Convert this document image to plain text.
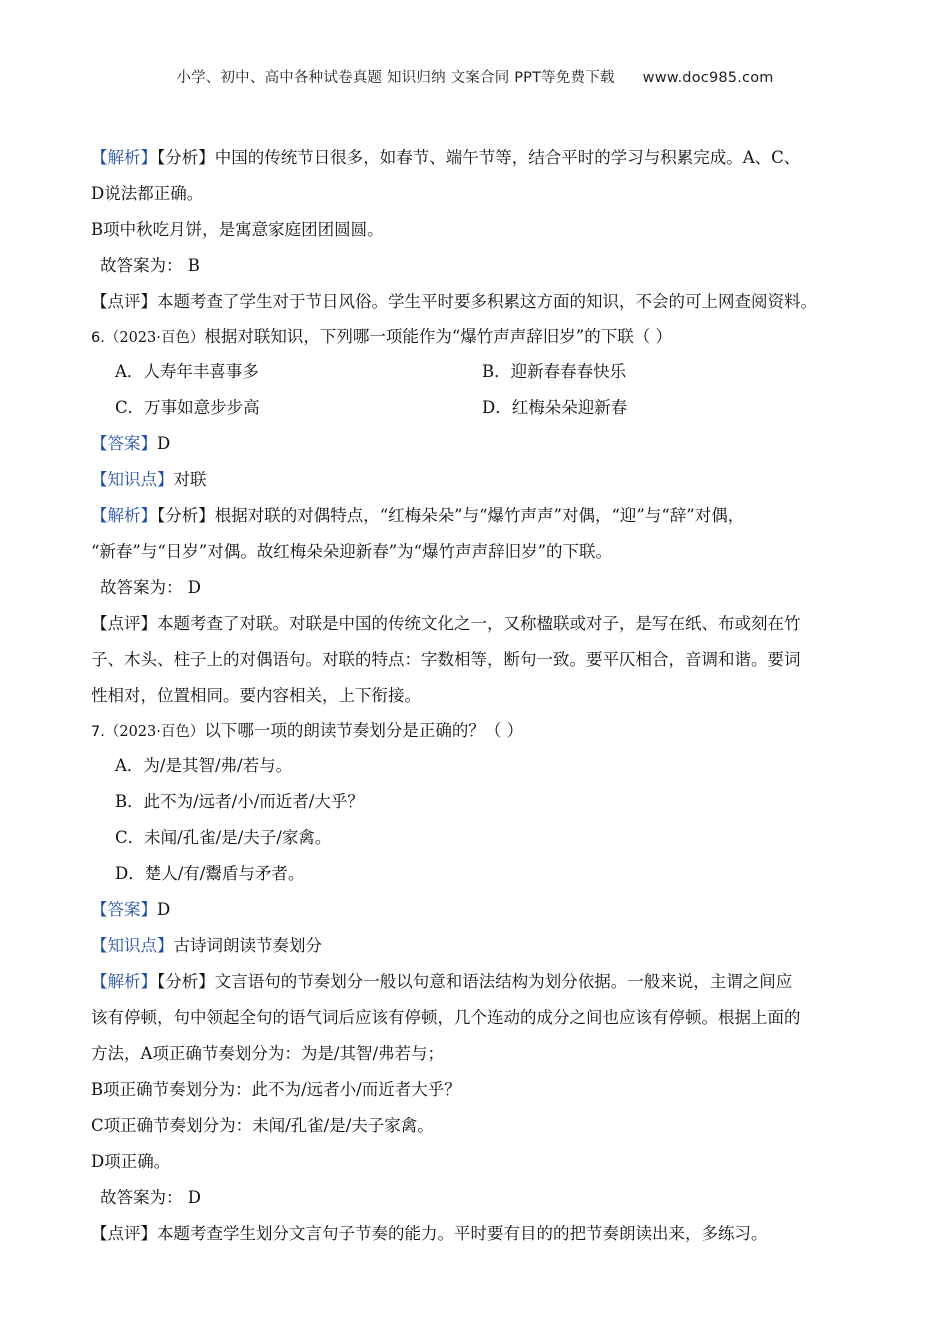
小学、初中、高中各种试卷真题 知识归纳 文案合同 PPT等免费下载 www.doc985.com
【解析】【分析】中国的传统节日很多，如春节、端午节等，结合平时的学习与积累完成。A、C、
D说法都正确。
B项中秋吃月饼，是寓意家庭团团圆圆。
故答案为： B
【点评】本题考查了学生对于节日风俗。学生平时要多积累这方面的知识，不会的可上网查阅资料。
6.（2023·百色）根据对联知识，下列哪一项能作为“爆竹声声辞旧岁”的下联（ ）
A．人寿年丰喜事多	B．迎新春春春快乐
C．万事如意步步高	D．红梅朵朵迎新春
【答案】D
【知识点】对联
【解析】【分析】根据对联的对偶特点，“红梅朵朵”与“爆竹声声”对偶，“迎”与“辞”对偶，
“新春”与“日岁”对偶。故红梅朵朵迎新春”为“爆竹声声辞旧岁”的下联。
故答案为： D
【点评】本题考查了对联。对联是中国的传统文化之一，又称楹联或对子，是写在纸、布或刻在竹
子、木头、柱子上的对偶语句。对联的特点：字数相等，断句一致。要平仄相合，音调和谐。要词
性相对，位置相同。要内容相关，上下衔接。
7.（2023·百色）以下哪一项的朗读节奏划分是正确的？（ ）
A．为/是其智/弗/若与。
B．此不为/远者/小/而近者/大乎？
C．未闻/孔雀/是/夫子/家禽。
D．楚人/有/鬻盾与矛者。
【答案】D
【知识点】古诗词朗读节奏划分
【解析】【分析】文言语句的节奏划分一般以句意和语法结构为划分依据。一般来说，主谓之间应
该有停顿，句中领起全句的语气词后应该有停顿，几个连动的成分之间也应该有停顿。根据上面的
方法，A项正确节奏划分为：为是/其智/弗若与；
B项正确节奏划分为：此不为/远者小/而近者大乎？
C项正确节奏划分为：未闻/孔雀/是/夫子家禽。
D项正确。
故答案为： D
【点评】本题考查学生划分文言句子节奏的能力。平时要有目的的把节奏朗读出来，多练习。
